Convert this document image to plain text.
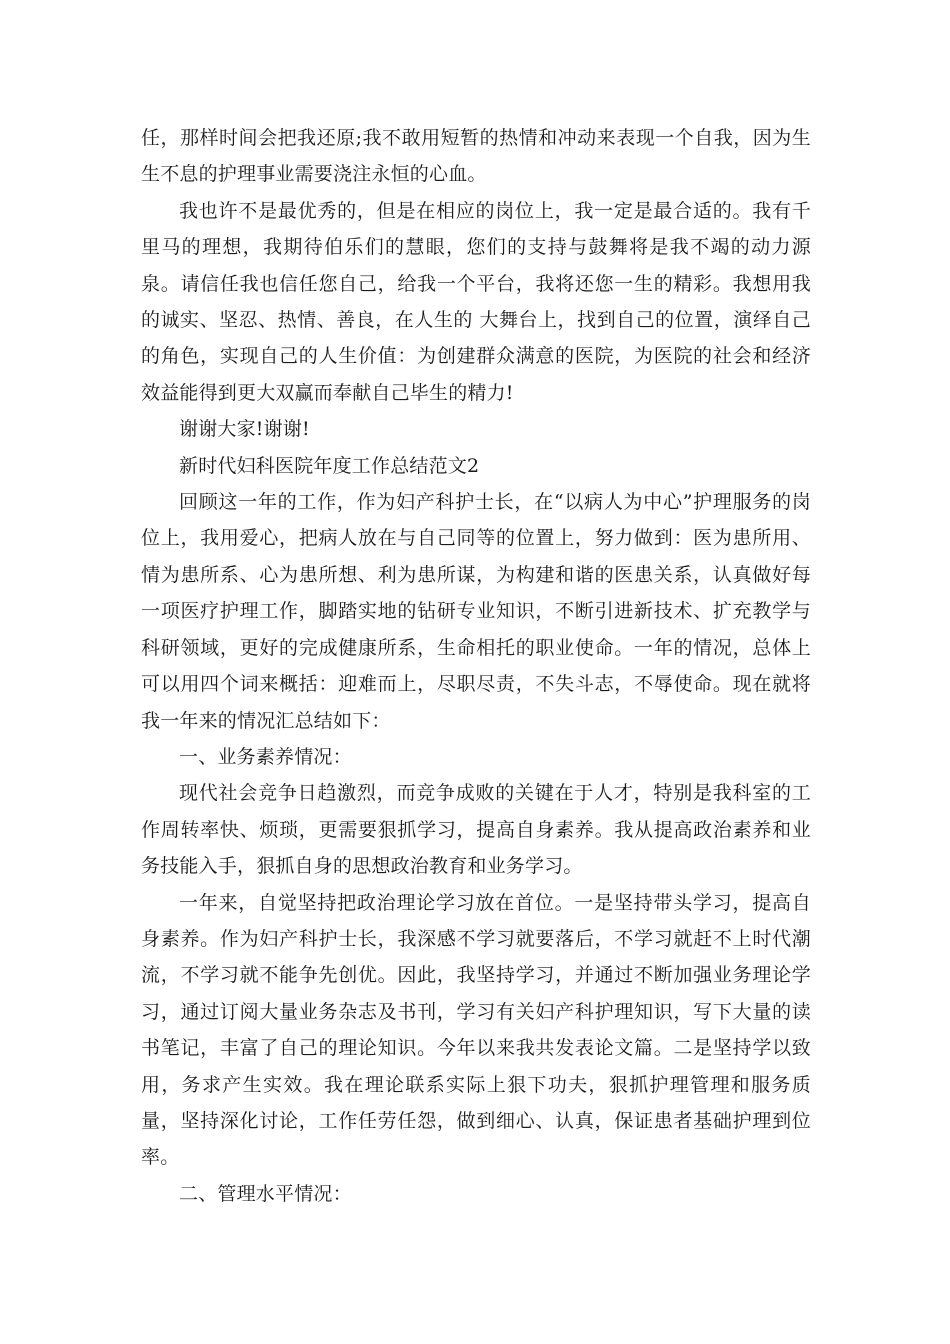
任，那样时间会把我还原;我不敢用短暂的热情和冲动来表现一个自我，因为生生不息的护理事业需要浇注永恒的心血。

我也许不是最优秀的，但是在相应的岗位上，我一定是最合适的。我有千里马的理想，我期待伯乐们的慧眼，您们的支持与鼓舞将是我不竭的动力源泉。请信任我也信任您自己，给我一个平台，我将还您一生的精彩。我想用我的诚实、坚忍、热情、善良，在人生的 大舞台上，找到自己的位置，演绎自己的角色，实现自己的人生价值：为创建群众满意的医院，为医院的社会和经济效益能得到更大双赢而奉献自己毕生的精力!

谢谢大家!谢谢!

新时代妇科医院年度工作总结范文2

回顾这一年的工作，作为妇产科护士长，在“以病人为中心”护理服务的岗位上，我用爱心，把病人放在与自己同等的位置上，努力做到：医为患所用、情为患所系、心为患所想、利为患所谋，为构建和谐的医患关系，认真做好每一项医疗护理工作，脚踏实地的钻研专业知识，不断引进新技术、扩充教学与科研领域，更好的完成健康所系，生命相托的职业使命。一年的情况，总体上可以用四个词来概括：迎难而上，尽职尽责，不失斗志，不辱使命。现在就将我一年来的情况汇总结如下：

一、业务素养情况：

现代社会竞争日趋激烈，而竞争成败的关键在于人才，特别是我科室的工作周转率快、烦琐，更需要狠抓学习，提高自身素养。我从提高政治素养和业务技能入手，狠抓自身的思想政治教育和业务学习。

一年来，自觉坚持把政治理论学习放在首位。一是坚持带头学习，提高自身素养。作为妇产科护士长，我深感不学习就要落后，不学习就赶不上时代潮流，不学习就不能争先创优。因此，我坚持学习，并通过不断加强业务理论学习，通过订阅大量业务杂志及书刊，学习有关妇产科护理知识，写下大量的读书笔记，丰富了自己的理论知识。今年以来我共发表论文篇。二是坚持学以致用，务求产生实效。我在理论联系实际上狠下功夫，狠抓护理管理和服务质量，坚持深化讨论，工作任劳任怨，做到细心、认真，保证患者基础护理到位率。

二、管理水平情况：
